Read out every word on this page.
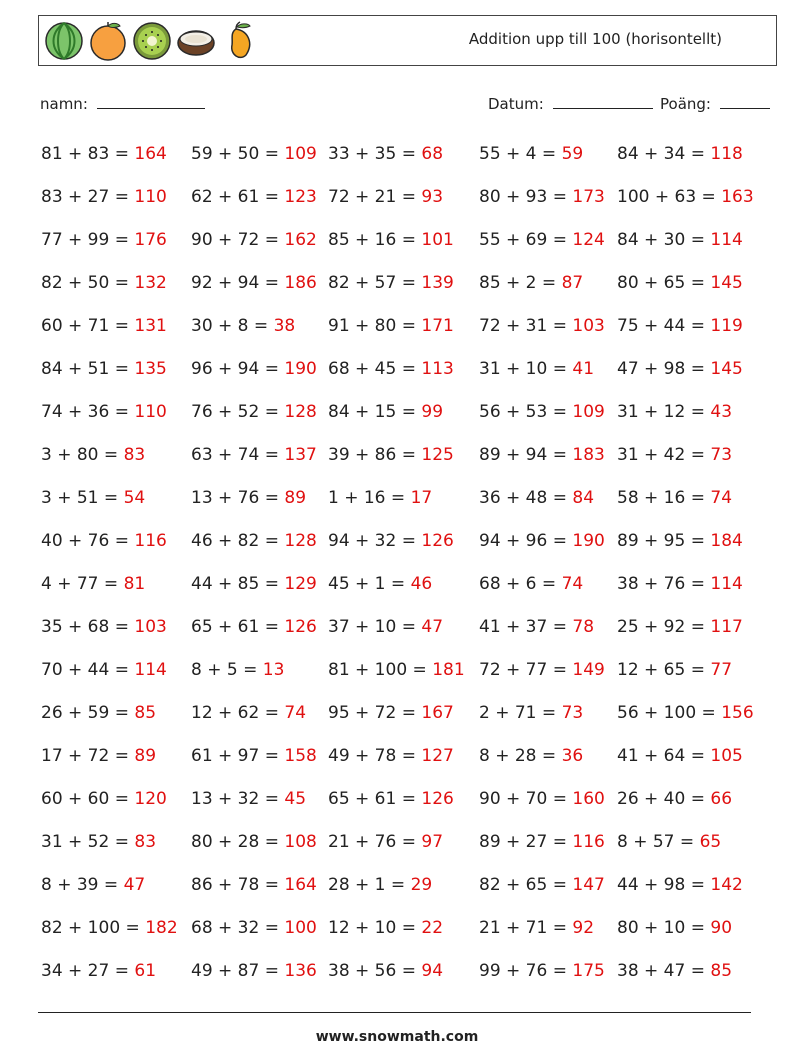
Addition upp till 100 (horisontellt)
namn:	Datum:	Poäng:
81 + 83 = 164 59 + 50 = 109 33 + 35 = 68 55 + 4 = 59 84 + 34 = 118
83 + 27 = 110 62 + 61 = 123 72 + 21 = 93 80 + 93 = 173 100 + 63 = 163
77 + 99 = 176 90 + 72 = 162 85 + 16 = 101 55 + 69 = 124 84 + 30 = 114
82 + 50 = 132 92 + 94 = 186 82 + 57 = 139 85 + 2 = 87 80 + 65 = 145
60 + 71 = 131 30 + 8 = 38 91 + 80 = 171 72 + 31 = 103 75 + 44 = 119
84 + 51 = 135 96 + 94 = 190 68 + 45 = 113 31 + 10 = 41 47 + 98 = 145
74 + 36 = 110 76 + 52 = 128 84 + 15 = 99 56 + 53 = 109 31 + 12 = 43
3 + 80 = 83	63 + 74 = 137 39 + 86 = 125 89 + 94 = 183 31 + 42 = 73
3 + 51 = 54	13 + 76 = 89 1 + 16 = 17	36 + 48 = 84 58 + 16 = 74
40 + 76 = 116 46 + 82 = 128 94 + 32 = 126 94 + 96 = 190 89 + 95 = 184
4 + 77 = 81	44 + 85 = 129 45 + 1 = 46	68 + 6 = 74 38 + 76 = 114
35 + 68 = 103 65 + 61 = 126 37 + 10 = 47 41 + 37 = 78 25 + 92 = 117
70 + 44 = 114 8 + 5 = 13	81 + 100 = 181 72 + 77 = 149 12 + 65 = 77
26 + 59 = 85 12 + 62 = 74 95 + 72 = 167 2 + 71 = 73 56 + 100 = 156
17 + 72 = 89 61 + 97 = 158 49 + 78 = 127 8 + 28 = 36 41 + 64 = 105
60 + 60 = 120 13 + 32 = 45 65 + 61 = 126 90 + 70 = 160 26 + 40 = 66
31 + 52 = 83 80 + 28 = 108 21 + 76 = 97 89 + 27 = 116 8 + 57 = 65
8 + 39 = 47	86 + 78 = 164 28 + 1 = 29	82 + 65 = 147 44 + 98 = 142
82 + 100 = 182 68 + 32 = 100 12 + 10 = 22 21 + 71 = 92 80 + 10 = 90
34 + 27 = 61 49 + 87 = 136 38 + 56 = 94 99 + 76 = 175 38 + 47 = 85
www.snowmath.com
